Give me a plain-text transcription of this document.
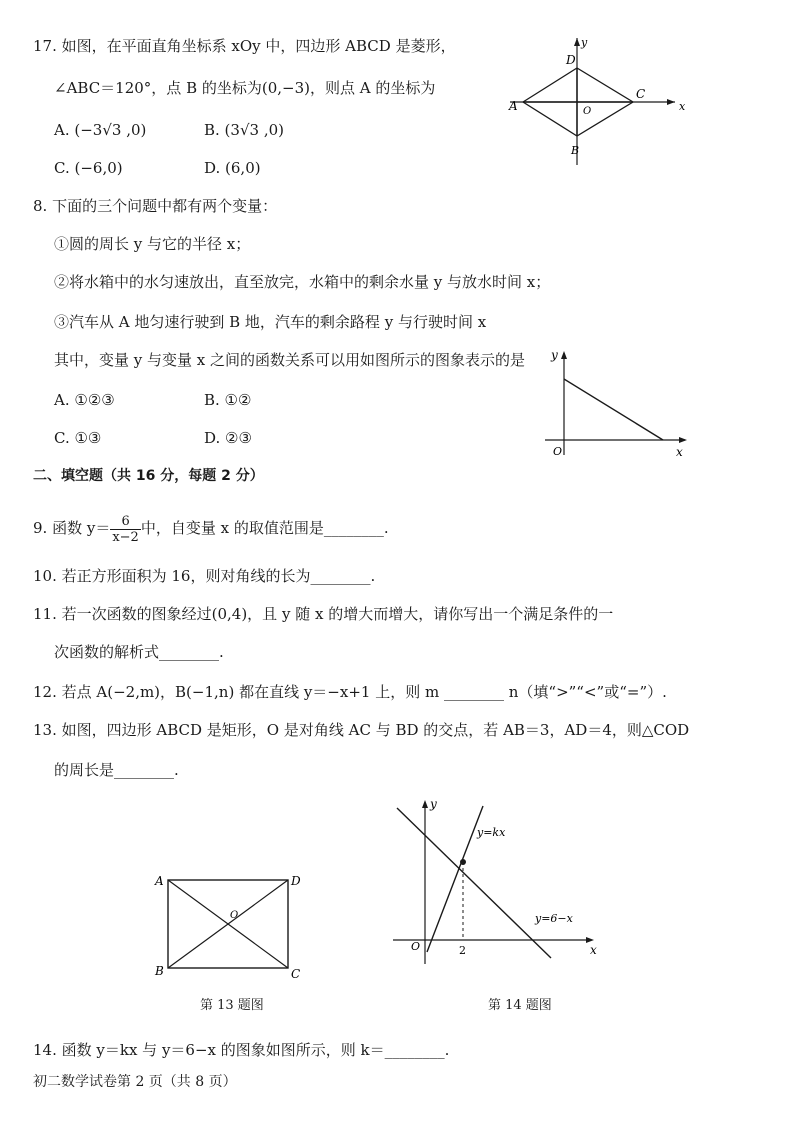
17. 如图，在平面直角坐标系 xOy 中，四边形 ABCD 是菱形，
∠ABC＝120°，点 B 的坐标为(0,−3)，则点 A 的坐标为
A. (−3√3 ,0)	B. (3√3 ,0)
C. (−6,0)	D. (6,0)
y
x
D
A
C
B
O
8. 下面的三个问题中都有两个变量：
①圆的周长 y 与它的半径 x；
②将水箱中的水匀速放出，直至放完，水箱中的剩余水量 y 与放水时间 x；
③汽车从 A 地匀速行驶到 B 地，汽车的剩余路程 y 与行驶时间 x
其中，变量 y 与变量 x 之间的函数关系可以用如图所示的图象表示的是
A. ①②③	B. ①②
C. ①③	D. ②③
y
x
O
二、填空题（共 16 分，每题 2 分）
9. 函数 $y= \frac{6}{x-2}$ 中，自变量 x 的取值范围是________.
10. 若正方形面积为 16，则对角线的长为________.
11. 若一次函数的图象经过(0,4)，且 y 随 x 的增大而增大，请你写出一个满足条件的一
次函数的解析式________.
12. 若点 A(−2,m)，B(−1,n) 都在直线 y＝−x+1 上，则 m ________ n（填“>”“<”或“=”）.
13. 如图，四边形 ABCD 是矩形，O 是对角线 AC 与 BD 的交点，若 AB＝3，AD＝4，则△COD
的周长是________.
A	D
B	C
O
第 13 题图
y
x
O	2
y=kx
y=6−x
第 14 题图
14. 函数 y＝kx 与 y＝6−x 的图象如图所示，则 k＝________.
初二数学试卷第 2 页（共 8 页）
